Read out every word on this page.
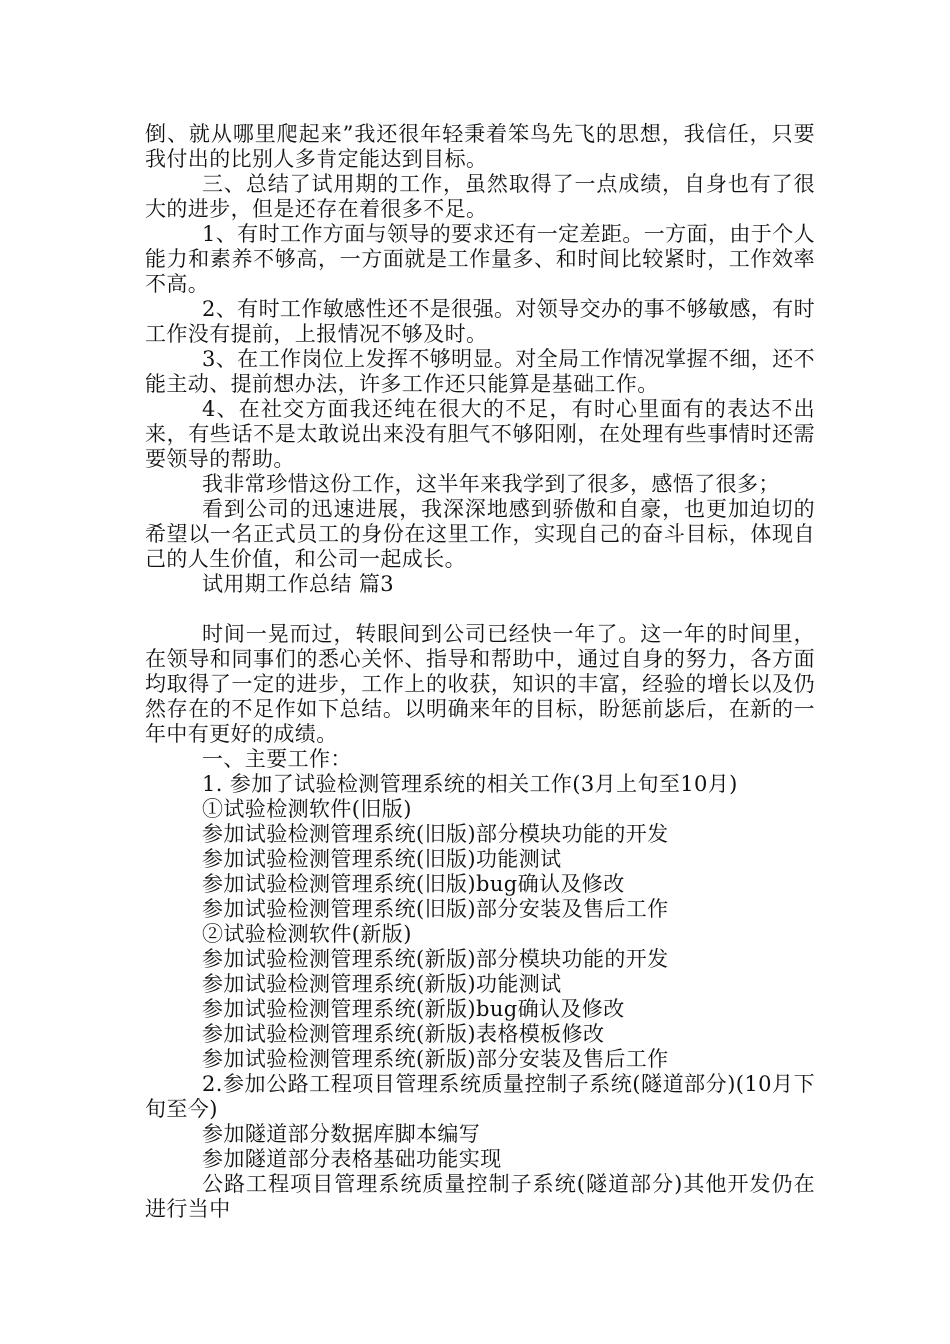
倒、就从哪里爬起来”我还很年轻秉着笨鸟先飞的思想，我信任，只要我付出的比别人多肯定能达到目标。

三、总结了试用期的工作，虽然取得了一点成绩，自身也有了很大的进步，但是还存在着很多不足。

1、有时工作方面与领导的要求还有一定差距。一方面，由于个人能力和素养不够高，一方面就是工作量多、和时间比较紧时，工作效率不高。

2、有时工作敏感性还不是很强。对领导交办的事不够敏感，有时工作没有提前，上报情况不够及时。

3、在工作岗位上发挥不够明显。对全局工作情况掌握不细，还不能主动、提前想办法，许多工作还只能算是基础工作。

4、在社交方面我还纯在很大的不足，有时心里面有的表达不出来，有些话不是太敢说出来没有胆气不够阳刚，在处理有些事情时还需要领导的帮助。

我非常珍惜这份工作，这半年来我学到了很多，感悟了很多；

看到公司的迅速进展，我深深地感到骄傲和自豪，也更加迫切的希望以一名正式员工的身份在这里工作，实现自己的奋斗目标，体现自己的人生价值，和公司一起成长。

试用期工作总结 篇3

时间一晃而过，转眼间到公司已经快一年了。这一年的时间里，在领导和同事们的悉心关怀、指导和帮助中，通过自身的努力，各方面均取得了一定的进步，工作上的收获，知识的丰富，经验的增长以及仍然存在的不足作如下总结。以明确来年的目标，盼惩前毖后，在新的一年中有更好的成绩。

一、主要工作：

1. 参加了试验检测管理系统的相关工作(3月上旬至10月)

①试验检测软件(旧版)

参加试验检测管理系统(旧版)部分模块功能的开发

参加试验检测管理系统(旧版)功能测试

参加试验检测管理系统(旧版)bug确认及修改

参加试验检测管理系统(旧版)部分安装及售后工作

②试验检测软件(新版)

参加试验检测管理系统(新版)部分模块功能的开发

参加试验检测管理系统(新版)功能测试

参加试验检测管理系统(新版)bug确认及修改

参加试验检测管理系统(新版)表格模板修改

参加试验检测管理系统(新版)部分安装及售后工作

2.参加公路工程项目管理系统质量控制子系统(隧道部分)(10月下旬至今)

参加隧道部分数据库脚本编写

参加隧道部分表格基础功能实现

公路工程项目管理系统质量控制子系统(隧道部分)其他开发仍在进行当中
